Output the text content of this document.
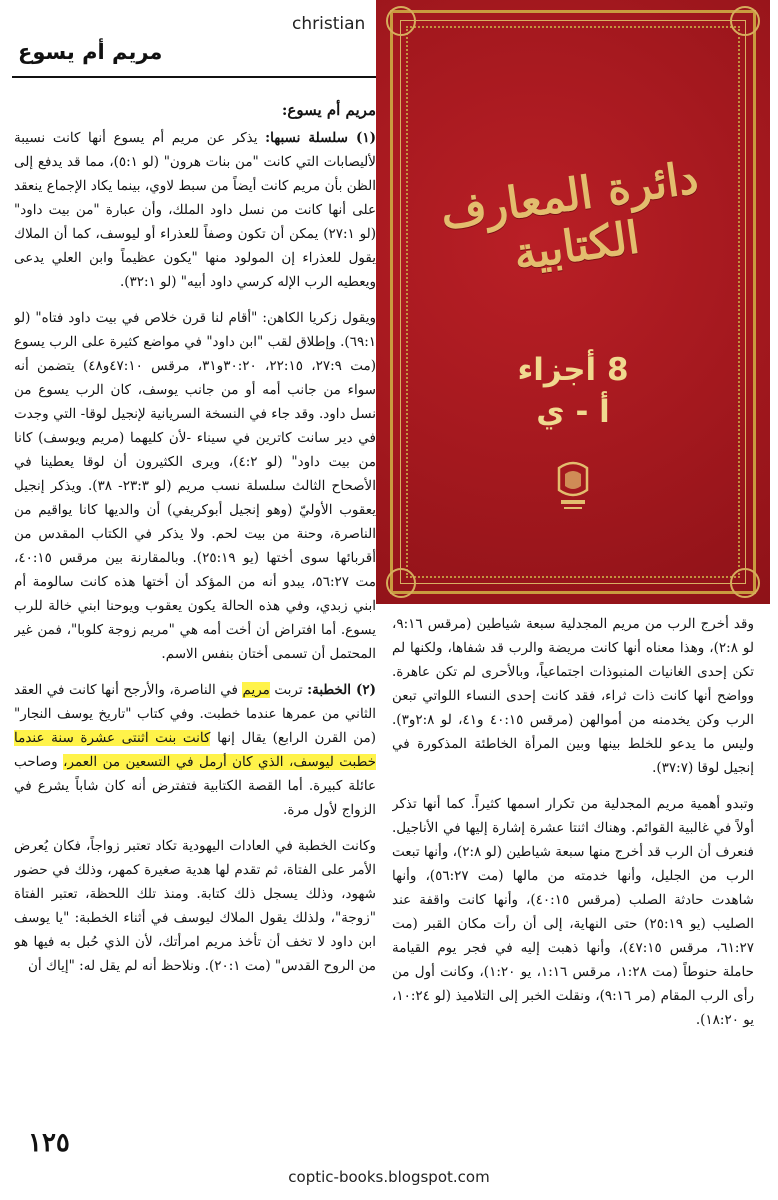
christian
مريم أم يسوع
مريم أم يسوع:

(١) سلسلة نسبها: يذكر عن مريم أم يسوع أنها كانت نسيبة لأليصابات التي كانت "من بنات هرون" (لو ٥:١)، مما قد يدفع إلى الظن بأن مريم كانت أيضاً من سبط لاوي، بينما يكاد الإجماع ينعقد على أنها كانت من نسل داود الملك، وأن عبارة "من بيت داود" (لو ٢٧:١) يمكن أن تكون وصفاً للعذراء أو ليوسف، كما أن الملاك يقول للعذراء إن المولود منها "يكون عظيماً وابن العلي يدعى ويعطيه الرب الإله كرسي داود أبيه" (لو ٣٢:١).

ويقول زكريا الكاهن: "أقام لنا قرن خلاص في بيت داود فتاه" (لو ٦٩:١). وإطلاق لقب "ابن داود" في مواضع كثيرة على الرب يسوع (مت ٢٧:٩، ٢٢:١٥، ٣٠:٢٠و٣١، مرقس ٤٧:١٠و٤٨) يتضمن أنه سواء من جانب أمه أو من جانب يوسف، كان الرب يسوع من نسل داود. وقد جاء في النسخة السريانية لإنجيل لوقا- التي وجدت في دير سانت كاترين في سيناء -لأن كليهما (مريم ويوسف) كانا من بيت داود" (لو ٤:٢)، ويرى الكثيرون أن لوقا يعطينا في الأصحاح الثالث سلسلة نسب مريم (لو ٢٣:٣- ٣٨). ويذكر إنجيل يعقوب الأوليّ (وهو إنجيل أبوكريفي) أن والديها كانا يواقيم من الناصرة، وحنة من بيت لحم. ولا يذكر في الكتاب المقدس من أقربائها سوى أختها (يو ٢٥:١٩). وبالمقارنة بين مرقس ٤٠:١٥، مت ٥٦:٢٧، يبدو أنه من المؤكد أن أختها هذه كانت سالومة أم ابني زبدي، وفي هذه الحالة يكون يعقوب ويوحنا ابني خالة للرب يسوع. أما افتراض أن أخت أمه هي "مريم زوجة كلوبا"، فمن غير المحتمل أن تسمى أختان بنفس الاسم.

(٢) الخطبة: تربت مريم في الناصرة، والأرجح أنها كانت في العقد الثاني من عمرها عندما خطبت. وفي كتاب "تاريخ يوسف النجار" (من القرن الرابع) يقال إنها كانت بنت اثنتى عشرة سنة عندما خطبت ليوسف، الذي كان أرمل في التسعين من العمر، وصاحب عائلة كبيرة. أما القصة الكتابية فتفترض أنه كان شاباً يشرع في الزواج لأول مرة.

وكانت الخطبة في العادات اليهودية تكاد تعتبر زواجاً، فكان يُعرض الأمر على الفتاة، ثم تقدم لها هدية صغيرة كمهر، وذلك في حضور شهود، وذلك يسجل ذلك كتابة. ومنذ تلك اللحظة، تعتبر الفتاة "زوجة"، ولذلك يقول الملاك ليوسف في أثناء الخطبة: "يا يوسف ابن داود لا تخف أن تأخذ مريم امرأتك، لأن الذي حُبل به فيها هو من الروح القدس" (مت ٢٠:١). ونلاحظ أنه لم يقل له: "إياك أن

دائرة المعارف الكتابية
8 أجزاء
أ - ي

وقد أخرج الرب من مريم المجدلية سبعة شياطين (مرقس ٩:١٦، لو ٢:٨)، وهذا معناه أنها كانت مريضة والرب قد شفاها، ولكنها لم تكن إحدى الغانيات المنبوذات اجتماعياً، وبالأحرى لم تكن عاهرة. وواضح أنها كانت ذات ثراء، فقد كانت إحدى النساء اللواتي تبعن الرب وكن يخدمنه من أموالهن (مرقس ٤٠:١٥ و٤١، لو ٢:٨و٣). وليس ما يدعو للخلط بينها وبين المرأة الخاطئة المذكورة في إنجيل لوقا (٣٧:٧).

وتبدو أهمية مريم المجدلية من تكرار اسمها كثيراً. كما أنها تذكر أولاً في غالبية القوائم. وهناك اثنتا عشرة إشارة إليها في الأناجيل. فنعرف أن الرب قد أخرج منها سبعة شياطين (لو ٢:٨)، وأنها تبعت الرب من الجليل، وأنها خدمته من مالها (مت ٥٦:٢٧)، وأنها شاهدت حادثة الصلب (مرقس ٤٠:١٥)، وأنها كانت واقفة عند الصليب (يو ٢٥:١٩) حتى النهاية، إلى أن رأت مكان القبر (مت ٦١:٢٧، مرقس ٤٧:١٥)، وأنها ذهبت إليه في فجر يوم القيامة حاملة حنوطاً (مت ١:٢٨، مرقس ١:١٦، يو ١:٢٠)، وكانت أول من رأى الرب المقام (مر ٩:١٦)، ونقلت الخبر إلى التلاميذ (لو ١٠:٢٤، يو ١٨:٢٠).

١٢٥
coptic-books.blogspot.com
